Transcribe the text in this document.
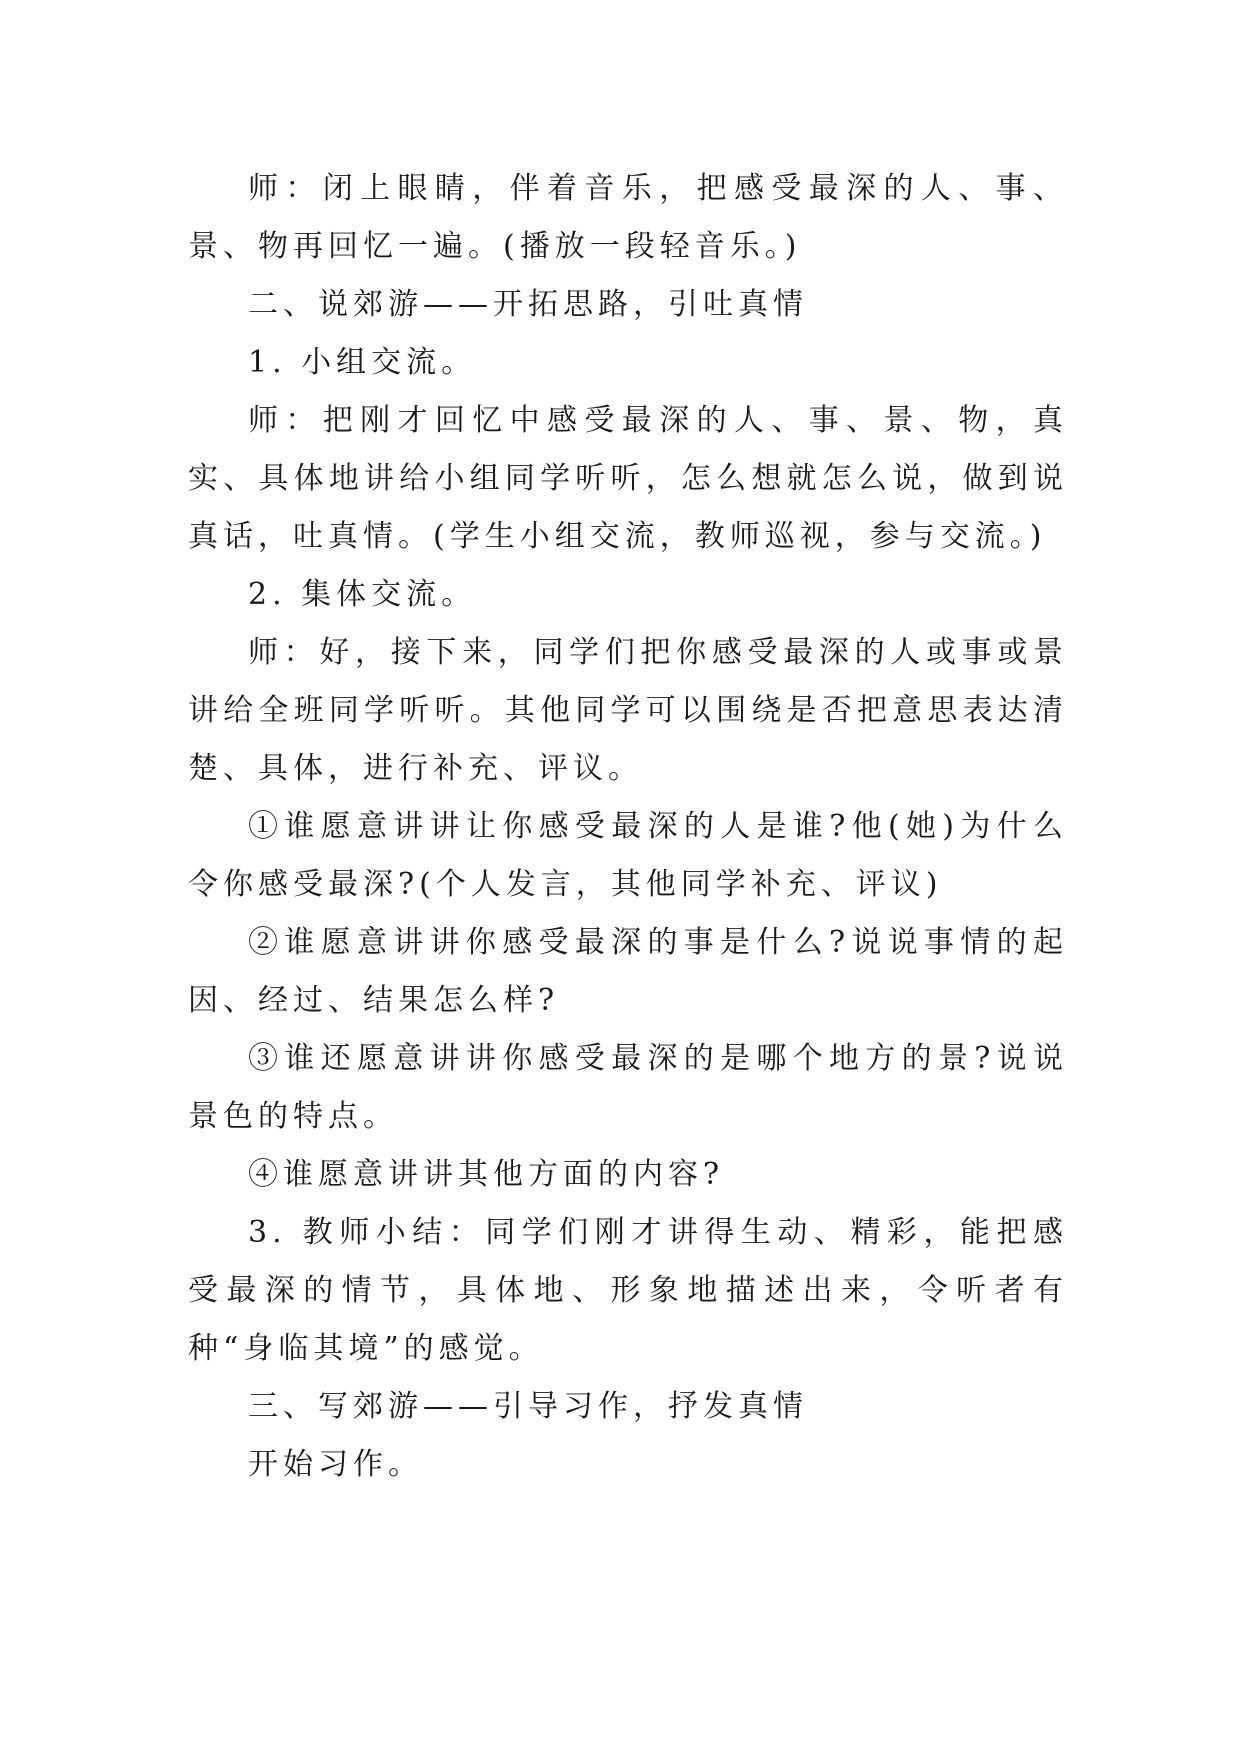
师：闭上眼睛，伴着音乐，把感受最深的人、事、景、物再回忆一遍。(播放一段轻音乐。)

二、说郊游——开拓思路，引吐真情

1. 小组交流。

师：把刚才回忆中感受最深的人、事、景、物，真实、具体地讲给小组同学听听，怎么想就怎么说，做到说真话，吐真情。(学生小组交流，教师巡视，参与交流。)

2. 集体交流。

师：好，接下来，同学们把你感受最深的人或事或景讲给全班同学听听。其他同学可以围绕是否把意思表达清楚、具体，进行补充、评议。

①谁愿意讲讲让你感受最深的人是谁?他(她)为什么令你感受最深?(个人发言，其他同学补充、评议)

②谁愿意讲讲你感受最深的事是什么?说说事情的起因、经过、结果怎么样?

③谁还愿意讲讲你感受最深的是哪个地方的景?说说景色的特点。

④谁愿意讲讲其他方面的内容?

3. 教师小结：同学们刚才讲得生动、精彩，能把感受最深的情节，具体地、形象地描述出来，令听者有种“身临其境”的感觉。

三、写郊游——引导习作，抒发真情

开始习作。
